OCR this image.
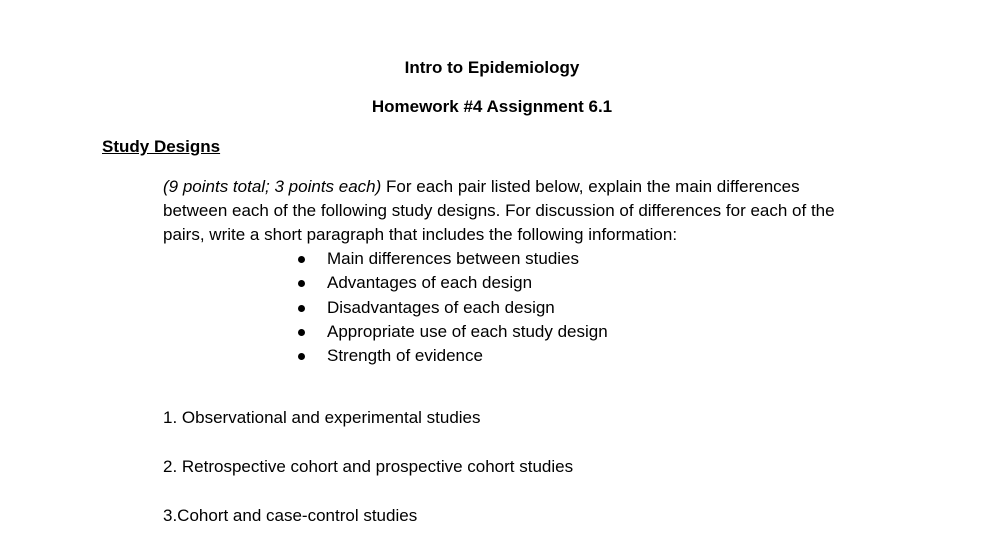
Intro to Epidemiology
Homework #4 Assignment 6.1
Study Designs
(9 points total; 3 points each) For each pair listed below, explain the main differences between each of the following study designs. For discussion of differences for each of the pairs, write a short paragraph that includes the following information:
Main differences between studies
Advantages of each design
Disadvantages of each design
Appropriate use of each study design
Strength of evidence
1. Observational and experimental studies
2. Retrospective cohort and prospective cohort studies
3.Cohort and case-control studies
